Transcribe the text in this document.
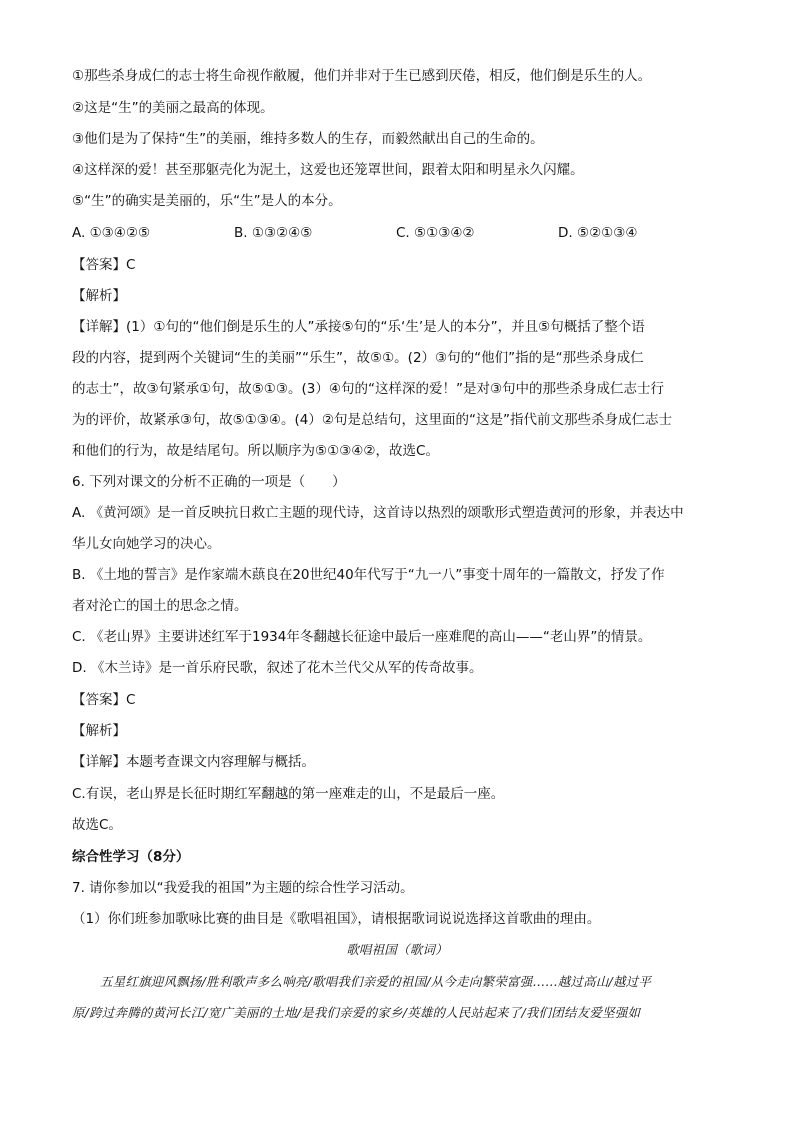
①那些杀身成仁的志士将生命视作敝履，他们并非对于生已感到厌倦，相反，他们倒是乐生的人。
②这是“生”的美丽之最高的体现。
③他们是为了保持“生”的美丽，维持多数人的生存，而毅然献出自己的生命的。
④这样深的爱！甚至那躯壳化为泥土，这爱也还笼罩世间，跟着太阳和明星永久闪耀。
⑤“生”的确实是美丽的，乐“生”是人的本分。
A. ①③④②⑤	B. ①③②④⑤	C. ⑤①③④②	D. ⑤②①③④
【答案】C
【解析】
【详解】(1）①句的“他们倒是乐生的人”承接⑤句的“乐‘生’是人的本分”，并且⑤句概括了整个语
段的内容，提到两个关键词“生的美丽”“乐生”，故⑤①。(2）③句的“他们”指的是“那些杀身成仁
的志士”，故③句紧承①句，故⑤①③。(3）④句的“这样深的爱！”是对③句中的那些杀身成仁志士行
为的评价，故紧承③句，故⑤①③④。(4）②句是总结句，这里面的“这是”指代前文那些杀身成仁志士
和他们的行为，故是结尾句。所以顺序为⑤①③④②，故选C。
6. 下列对课文的分析不正确的一项是（　　）
A. 《黄河颂》是一首反映抗日救亡主题的现代诗，这首诗以热烈的颂歌形式塑造黄河的形象，并表达中
华儿女向她学习的决心。
B. 《土地的誓言》是作家端木蕻良在20世纪40年代写于“九一八”事变十周年的一篇散文，抒发了作
者对沦亡的国土的思念之情。
C. 《老山界》主要讲述红军于1934年冬翻越长征途中最后一座难爬的高山——“老山界”的情景。
D. 《木兰诗》是一首乐府民歌，叙述了花木兰代父从军的传奇故事。
【答案】C
【解析】
【详解】本题考查课文内容理解与概括。
C.有误，老山界是长征时期红军翻越的第一座难走的山，不是最后一座。
故选C。
综合性学习（8分）
7. 请你参加以“我爱我的祖国”为主题的综合性学习活动。
（1）你们班参加歌咏比赛的曲目是《歌唱祖国》，请根据歌词说说选择这首歌曲的理由。
歌唱祖国（歌词）
五星红旗迎风飘扬/胜利歌声多么响亮/歌唱我们亲爱的祖国/从今走向繁荣富强……越过高山/越过平
原/跨过奔腾的黄河长江/宽广美丽的土地/是我们亲爱的家乡/英雄的人民站起来了/我们团结友爱坚强如
